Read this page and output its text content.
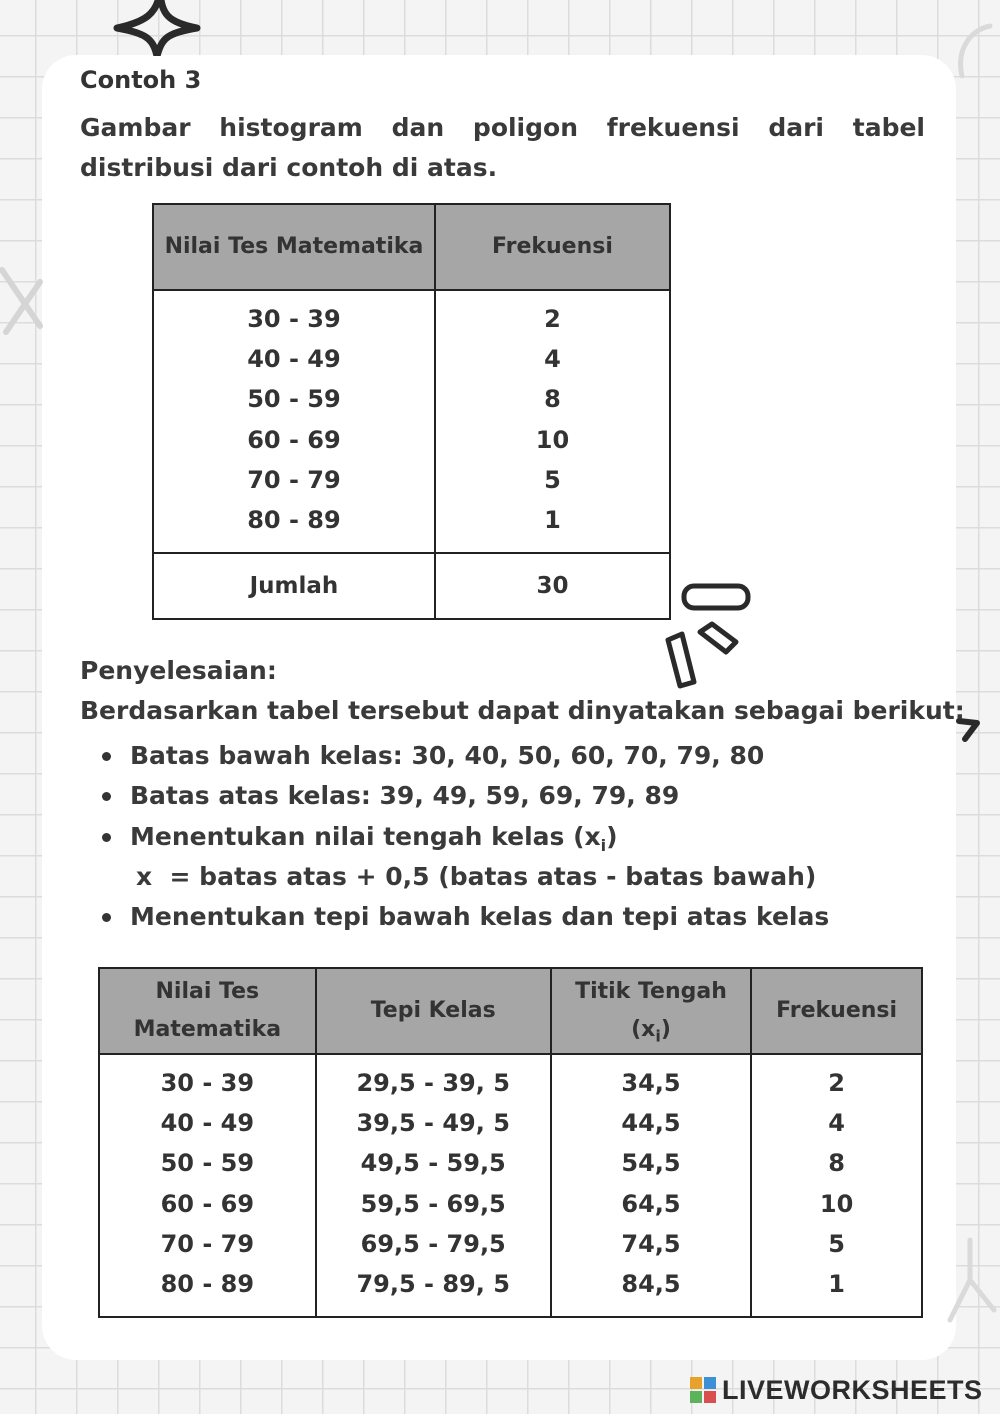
Contoh 3
Gambar histogram dan poligon frekuensi dari tabel distribusi dari contoh di atas.
Nilai Tes Matematika	Frekuensi
30 - 39	2
40 - 49	4
50 - 59	8
60 - 69	10
70 - 79	5
80 - 89	1
Jumlah	30
Penyelesaian:
Berdasarkan tabel tersebut dapat dinyatakan sebagai berikut:
Batas bawah kelas: 30, 40, 50, 60, 70, 79, 80
Batas atas kelas: 39, 49, 59, 69, 79, 89
Menentukan nilai tengah kelas $(x_i)$
x  = batas atas + 0,5 (batas atas - batas bawah)
Menentukan tepi bawah kelas dan tepi atas kelas
Nilai Tes Matematika	Tepi Kelas	Titik Tengah $(x_i)$	Frekuensi
30 - 39	29,5 - 39, 5	34,5	2
40 - 49	39,5 - 49, 5	44,5	4
50 - 59	49,5 - 59,5	54,5	8
60 - 69	59,5 - 69,5	64,5	10
70 - 79	69,5 - 79,5	74,5	5
80 - 89	79,5 - 89, 5	84,5	1
LIVEWORKSHEETS
